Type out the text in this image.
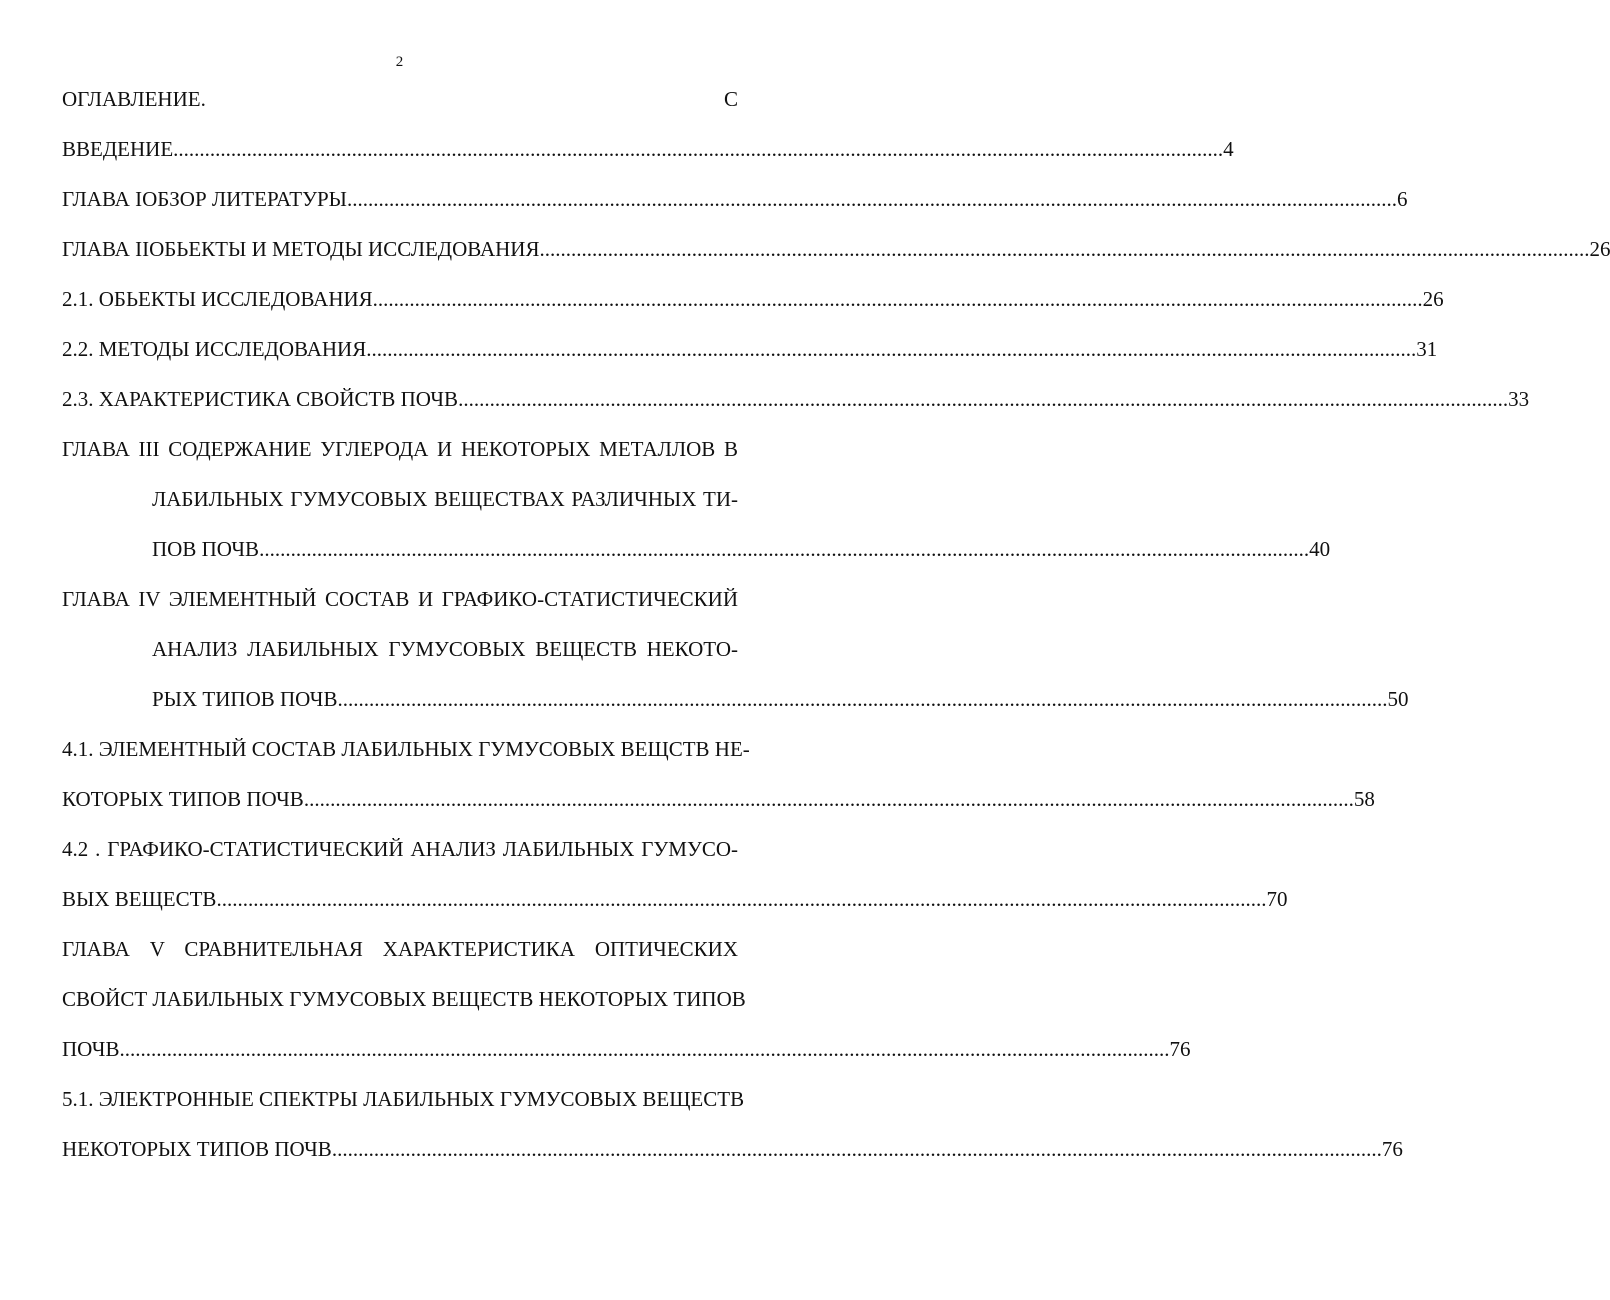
2
ОГЛАВЛЕНИЕ.	С
ВВЕДЕНИЕ ........................................................................................................................................................................................................ 4
ГЛАВА I ОБЗОР ЛИТЕРАТУРЫ ........................................................................................................................................................................................................ 6
ГЛАВА II ОБЬЕКТЫ И МЕТОДЫ ИССЛЕДОВАНИЯ ........................................................................................................................................................................................................ 26
2.1. ОБЬЕКТЫ ИССЛЕДОВАНИЯ ........................................................................................................................................................................................................ 26
2.2. МЕТОДЫ ИССЛЕДОВАНИЯ ........................................................................................................................................................................................................ 31
2.3. ХАРАКТЕРИСТИКА СВОЙСТВ ПОЧВ ........................................................................................................................................................................................................ 33
ГЛАВА III СОДЕРЖАНИЕ УГЛЕРОДА И НЕКОТОРЫХ МЕТАЛЛОВ В
ЛАБИЛЬНЫХ ГУМУСОВЫХ ВЕЩЕСТВАХ РАЗЛИЧНЫХ ТИ-
ПОВ ПОЧВ ........................................................................................................................................................................................................ 40
ГЛАВА IV ЭЛЕМЕНТНЫЙ СОСТАВ И ГРАФИКО-СТАТИСТИЧЕСКИЙ
АНАЛИЗ ЛАБИЛЬНЫХ ГУМУСОВЫХ ВЕЩЕСТВ НЕКОТО-
РЫХ ТИПОВ ПОЧВ ........................................................................................................................................................................................................ 50
4.1. ЭЛЕМЕНТНЫЙ СОСТАВ ЛАБИЛЬНЫХ ГУМУСОВЫХ ВЕЩСТВ НЕ-
КОТОРЫХ ТИПОВ ПОЧВ ........................................................................................................................................................................................................ 58
4.2 . ГРАФИКО-СТАТИСТИЧЕСКИЙ АНАЛИЗ ЛАБИЛЬНЫХ ГУМУСО-
ВЫХ ВЕЩЕСТВ ........................................................................................................................................................................................................ 70
ГЛАВА V СРАВНИТЕЛЬНАЯ ХАРАКТЕРИСТИКА ОПТИЧЕСКИХ
СВОЙСТ ЛАБИЛЬНЫХ ГУМУСОВЫХ ВЕЩЕСТВ НЕКОТОРЫХ ТИПОВ
ПОЧВ ........................................................................................................................................................................................................ 76
5.1. ЭЛЕКТРОННЫЕ СПЕКТРЫ ЛАБИЛЬНЫХ ГУМУСОВЫХ ВЕЩЕСТВ
НЕКОТОРЫХ ТИПОВ ПОЧВ ........................................................................................................................................................................................................ 76
